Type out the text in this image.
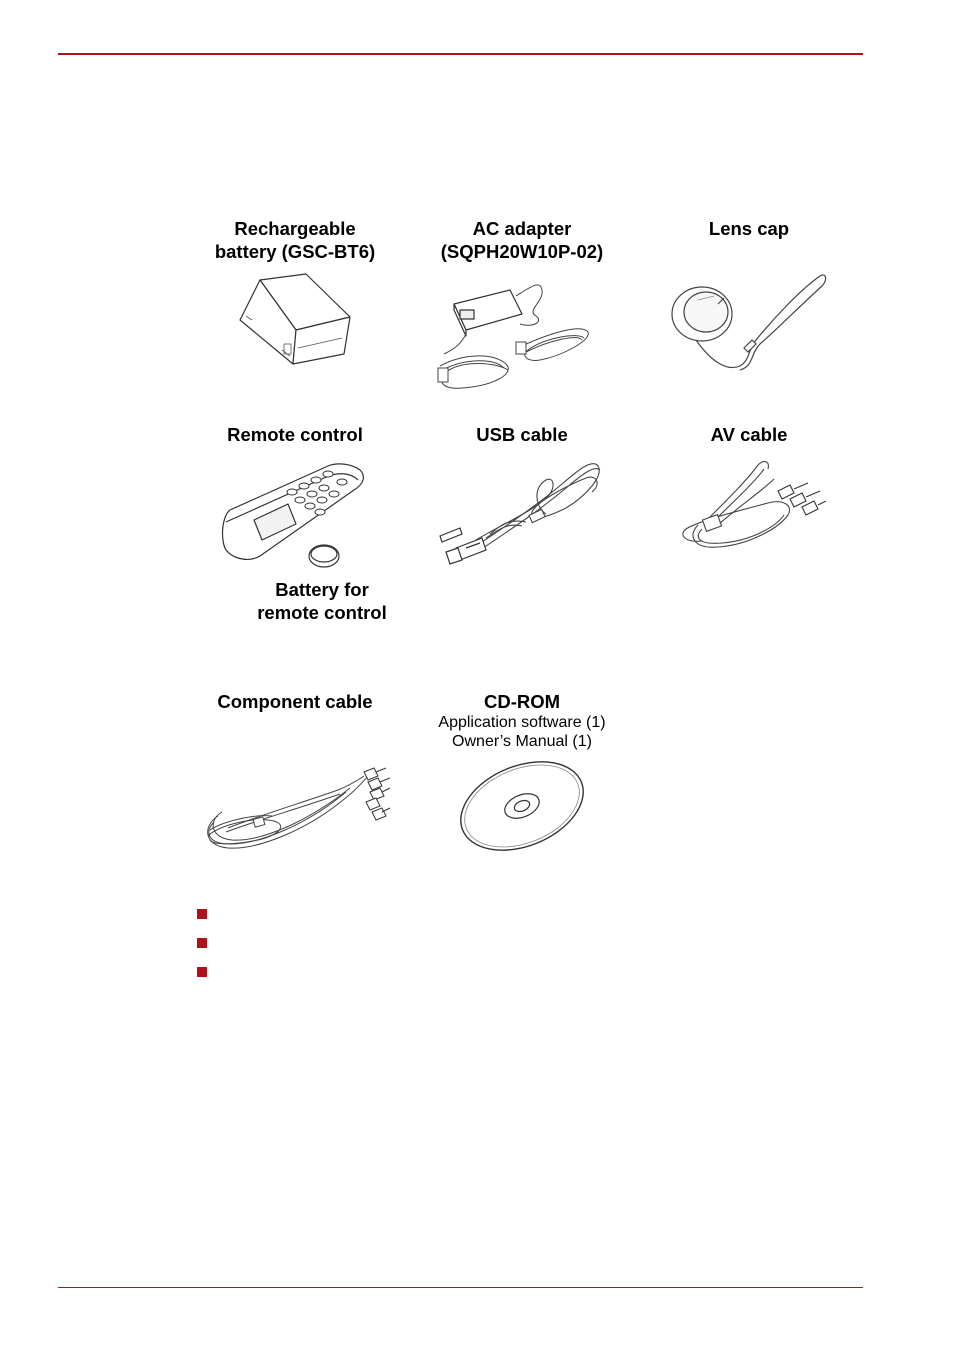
Rechargeable
battery (GSC-BT6)

AC adapter
(SQPH20W10P-02)

Lens cap

Remote control	USB cable	AV cable

Battery for
remote control

Component cable	CD-ROM

Application software (1)
Owner’s Manual (1)
